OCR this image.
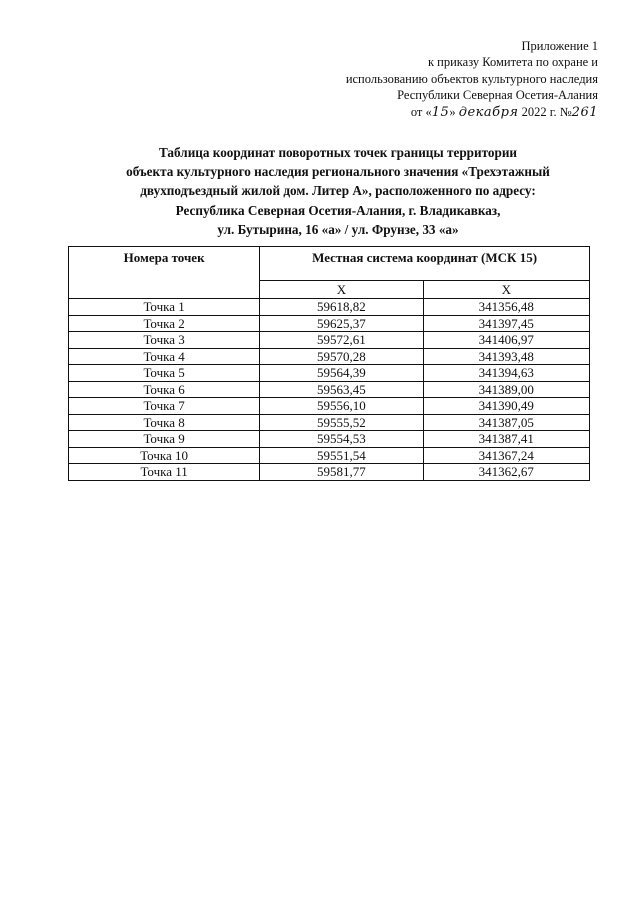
Приложение 1
к приказу Комитета по охране и
использованию объектов культурного наследия
Республики Северная Осетия-Алания
от «15» декабря 2022 г. №261
Таблица координат поворотных точек границы территории
объекта культурного наследия регионального значения «Трехэтажный
двухподъездный жилой дом. Литер А», расположенного по адресу:
Республика Северная Осетия-Алания, г. Владикавказ,
ул. Бутырина, 16 «а» / ул. Фрунзе, 33 «а»
Номера точек	Местная система координат (МСК 15)	
	X	X
Точка 1	59618,82	341356,48
Точка 2	59625,37	341397,45
Точка 3	59572,61	341406,97
Точка 4	59570,28	341393,48
Точка 5	59564,39	341394,63
Точка 6	59563,45	341389,00
Точка 7	59556,10	341390,49
Точка 8	59555,52	341387,05
Точка 9	59554,53	341387,41
Точка 10	59551,54	341367,24
Точка 11	59581,77	341362,67
